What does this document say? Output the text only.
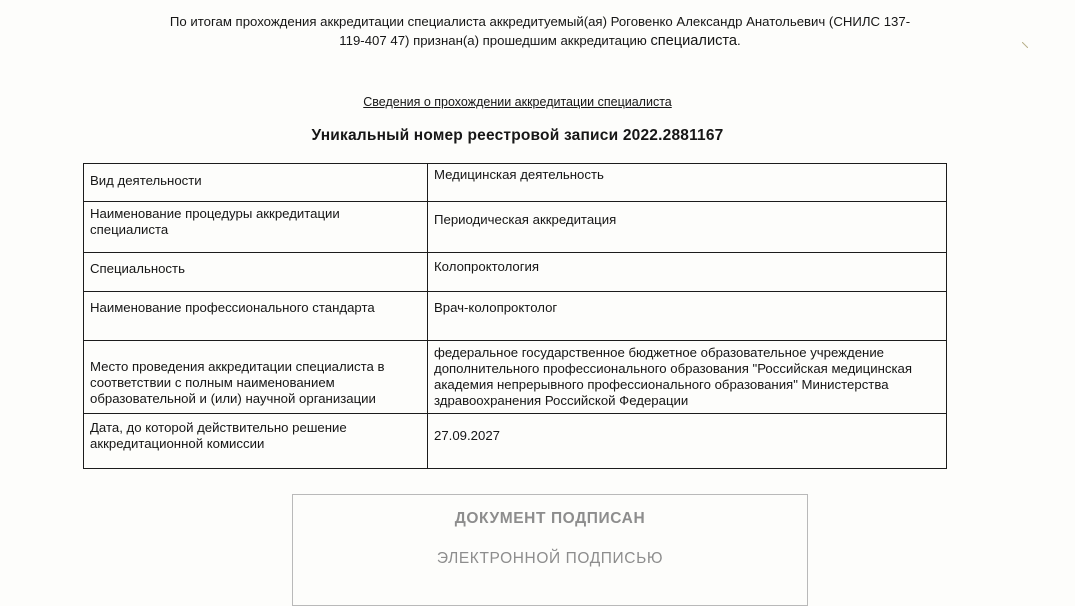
По итогам прохождения аккредитации специалиста аккредитуемый(ая) Роговенко Александр Анатольевич (СНИЛС 137-
119-407 47) признан(а) прошедшим аккредитацию специалиста.
Сведения о прохождении аккредитации специалиста
Уникальный номер реестровой записи 2022.2881167
Вид деятельности	Медицинская деятельность
Наименование процедуры аккредитации специалиста	Периодическая аккредитация
Специальность	Колопроктология
Наименование профессионального стандарта	Врач-колопроктолог
Место проведения аккредитации специалиста в соответствии с полным наименованием образовательной и (или) научной организации	федеральное государственное бюджетное образовательное учреждение дополнительного профессионального образования "Российская медицинская академия непрерывного профессионального образования" Министерства здравоохранения Российской Федерации
Дата, до которой действительно решение аккредитационной комиссии	27.09.2027
ДОКУМЕНТ ПОДПИСАН
ЭЛЕКТРОННОЙ ПОДПИСЬЮ
